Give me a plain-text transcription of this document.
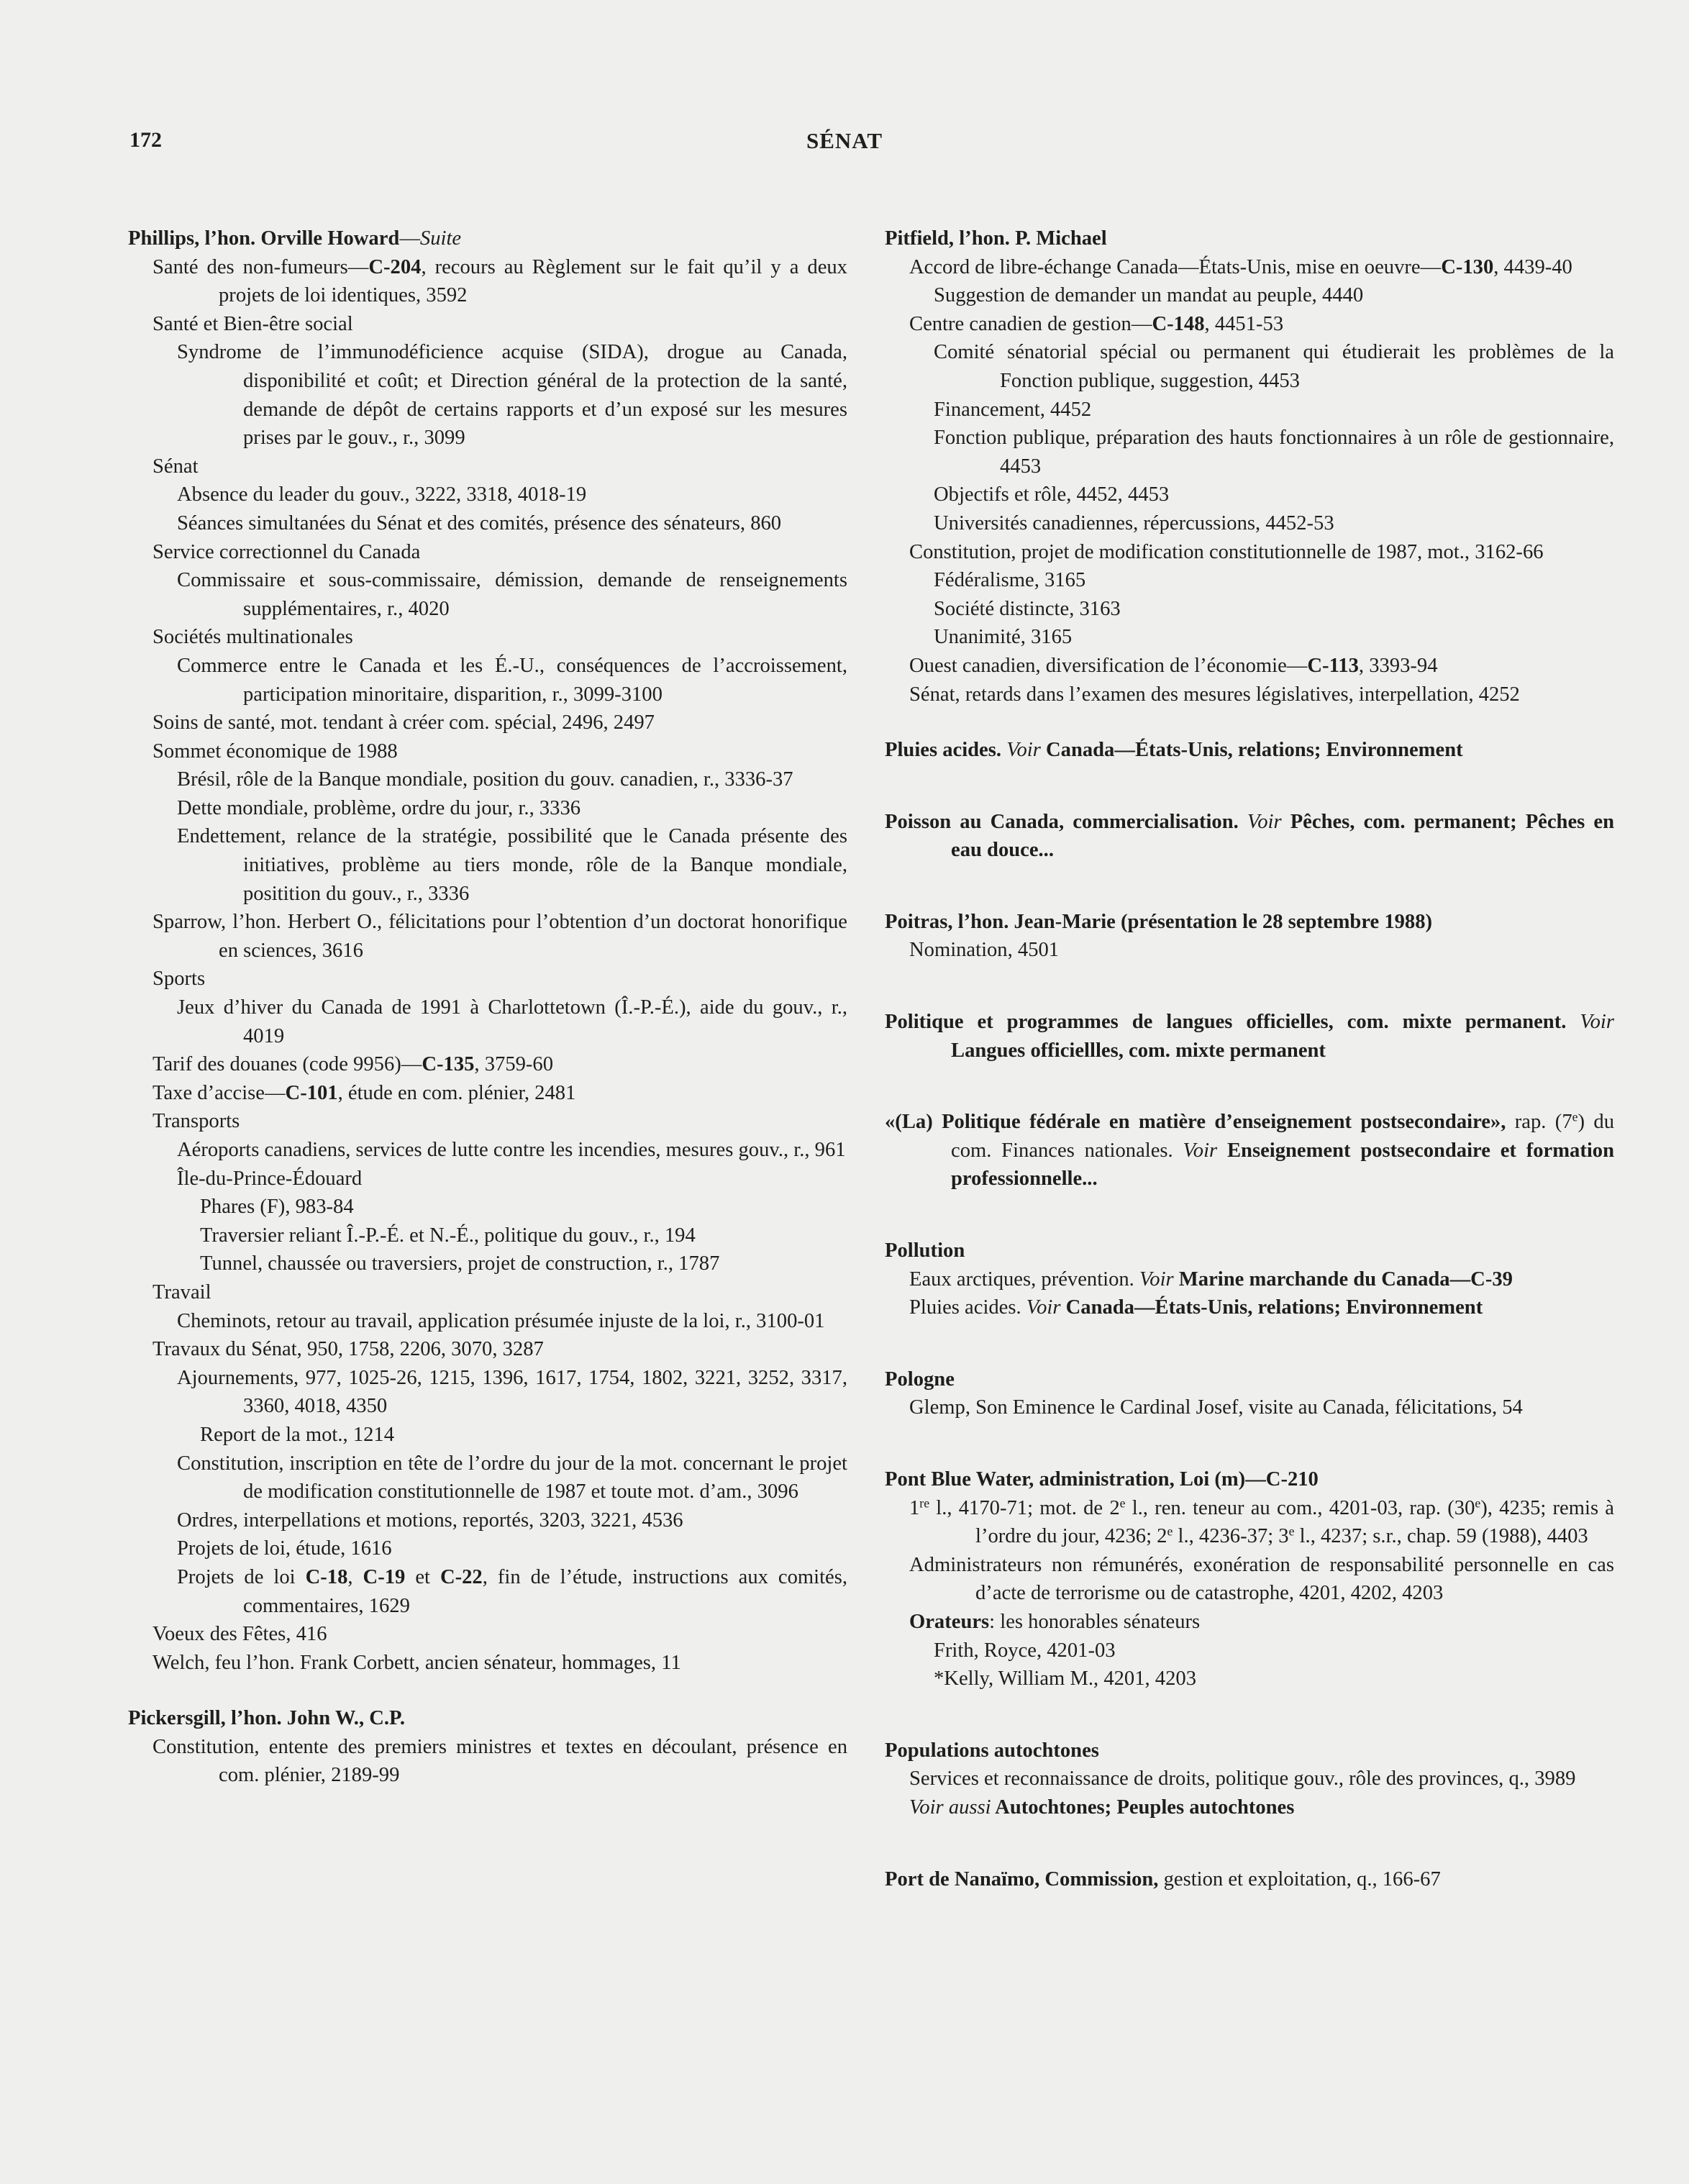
172	SÉNAT
Phillips, l’hon. Orville Howard—Suite
Santé des non-fumeurs—C-204, recours au Règlement sur le fait qu’il y a deux projets de loi identiques, 3592
Santé et Bien-être social
Syndrome de l’immunodéficience acquise (SIDA), drogue au Canada, disponibilité et coût; et Direction général de la protection de la santé, demande de dépôt de certains rapports et d’un exposé sur les mesures prises par le gouv., r., 3099
Sénat
Absence du leader du gouv., 3222, 3318, 4018-19
Séances simultanées du Sénat et des comités, présence des sénateurs, 860
Service correctionnel du Canada
Commissaire et sous-commissaire, démission, demande de renseignements supplémentaires, r., 4020
Sociétés multinationales
Commerce entre le Canada et les É.-U., conséquences de l’accroissement, participation minoritaire, disparition, r., 3099-3100
Soins de santé, mot. tendant à créer com. spécial, 2496, 2497
Sommet économique de 1988
Brésil, rôle de la Banque mondiale, position du gouv. canadien, r., 3336-37
Dette mondiale, problème, ordre du jour, r., 3336
Endettement, relance de la stratégie, possibilité que le Canada présente des initiatives, problème au tiers monde, rôle de la Banque mondiale, positition du gouv., r., 3336
Sparrow, l’hon. Herbert O., félicitations pour l’obtention d’un doctorat honorifique en sciences, 3616
Sports
Jeux d’hiver du Canada de 1991 à Charlottetown (Î.-P.-É.), aide du gouv., r., 4019
Tarif des douanes (code 9956)—C-135, 3759-60
Taxe d’accise—C-101, étude en com. plénier, 2481
Transports
Aéroports canadiens, services de lutte contre les incendies, mesures gouv., r., 961
Île-du-Prince-Édouard
Phares (F), 983-84
Traversier reliant Î.-P.-É. et N.-É., politique du gouv., r., 194
Tunnel, chaussée ou traversiers, projet de construction, r., 1787
Travail
Cheminots, retour au travail, application présumée injuste de la loi, r., 3100-01
Travaux du Sénat, 950, 1758, 2206, 3070, 3287
Ajournements, 977, 1025-26, 1215, 1396, 1617, 1754, 1802, 3221, 3252, 3317, 3360, 4018, 4350
Report de la mot., 1214
Constitution, inscription en tête de l’ordre du jour de la mot. concernant le projet de modification constitutionnelle de 1987 et toute mot. d’am., 3096
Ordres, interpellations et motions, reportés, 3203, 3221, 4536
Projets de loi, étude, 1616
Projets de loi C-18, C-19 et C-22, fin de l’étude, instructions aux comités, commentaires, 1629
Voeux des Fêtes, 416
Welch, feu l’hon. Frank Corbett, ancien sénateur, hommages, 11
Pickersgill, l’hon. John W., C.P.
Constitution, entente des premiers ministres et textes en découlant, présence en com. plénier, 2189-99
Pitfield, l’hon. P. Michael
Accord de libre-échange Canada—États-Unis, mise en oeuvre—C-130, 4439-40
Suggestion de demander un mandat au peuple, 4440
Centre canadien de gestion—C-148, 4451-53
Comité sénatorial spécial ou permanent qui étudierait les problèmes de la Fonction publique, suggestion, 4453
Financement, 4452
Fonction publique, préparation des hauts fonctionnaires à un rôle de gestionnaire, 4453
Objectifs et rôle, 4452, 4453
Universités canadiennes, répercussions, 4452-53
Constitution, projet de modification constitutionnelle de 1987, mot., 3162-66
Fédéralisme, 3165
Société distincte, 3163
Unanimité, 3165
Ouest canadien, diversification de l’économie—C-113, 3393-94
Sénat, retards dans l’examen des mesures législatives, interpellation, 4252
Pluies acides. Voir Canada—États-Unis, relations; Environnement
Poisson au Canada, commercialisation. Voir Pêches, com. permanent; Pêches en eau douce...
Poitras, l’hon. Jean-Marie (présentation le 28 septembre 1988)
Nomination, 4501
Politique et programmes de langues officielles, com. mixte permanent. Voir Langues officiellles, com. mixte permanent
«(La) Politique fédérale en matière d’enseignement postsecondaire», rap. (7e) du com. Finances nationales. Voir Enseignement postsecondaire et formation professionnelle...
Pollution
Eaux arctiques, prévention. Voir Marine marchande du Canada—C-39
Pluies acides. Voir Canada—États-Unis, relations; Environnement
Pologne
Glemp, Son Eminence le Cardinal Josef, visite au Canada, félicitations, 54
Pont Blue Water, administration, Loi (m)—C-210
1re l., 4170-71; mot. de 2e l., ren. teneur au com., 4201-03, rap. (30e), 4235; remis à l’ordre du jour, 4236; 2e l., 4236-37; 3e l., 4237; s.r., chap. 59 (1988), 4403
Administrateurs non rémunérés, exonération de responsabilité personnelle en cas d’acte de terrorisme ou de catastrophe, 4201, 4202, 4203
Orateurs: les honorables sénateurs
Frith, Royce, 4201-03
*Kelly, William M., 4201, 4203
Populations autochtones
Services et reconnaissance de droits, politique gouv., rôle des provinces, q., 3989
Voir aussi Autochtones; Peuples autochtones
Port de Nanaïmo, Commission, gestion et exploitation, q., 166-67
